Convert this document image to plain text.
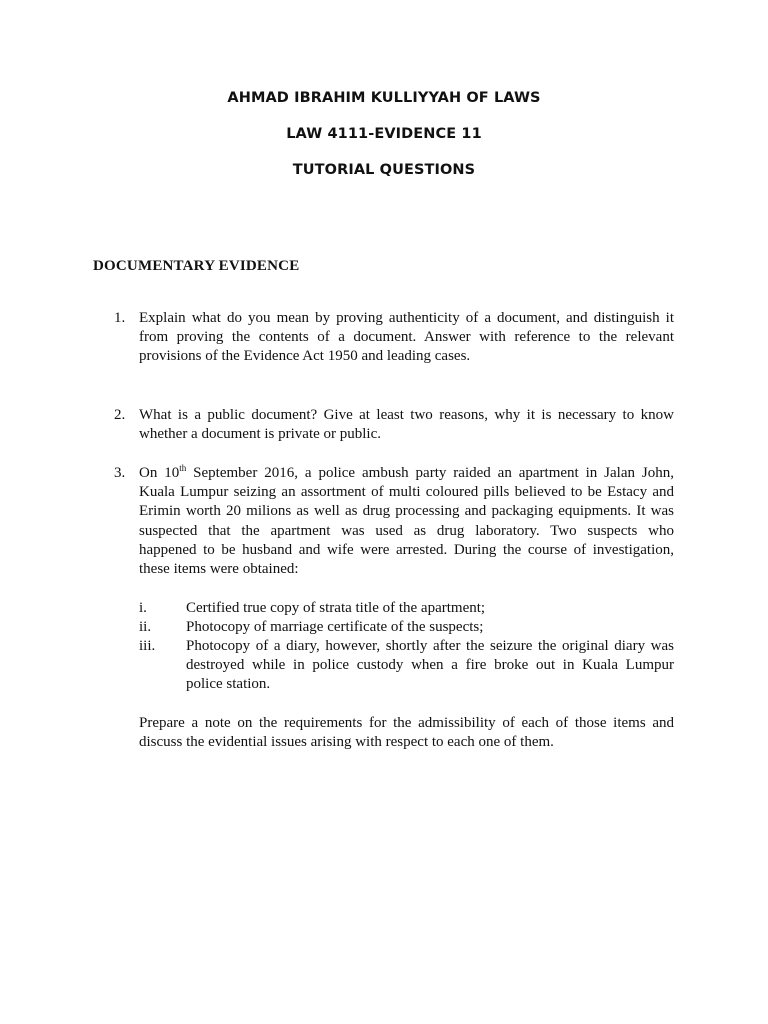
AHMAD IBRAHIM KULLIYYAH OF LAWS
LAW 4111-EVIDENCE 11
TUTORIAL QUESTIONS
DOCUMENTARY EVIDENCE
1. Explain what do you mean by proving authenticity of a document, and distinguish it
from proving the contents of a document. Answer with reference to the relevant
provisions of the Evidence Act 1950 and leading cases.
2. What is a public document? Give at least two reasons, why it is necessary to know
whether a document is private or public.
3. On 10th September 2016, a police ambush party raided an apartment in Jalan John,
Kuala Lumpur seizing an assortment of multi coloured pills believed to be Estacy and
Erimin worth 20 milions as well as drug processing and packaging equipments. It was
suspected that the apartment was used as drug laboratory. Two suspects who
happened to be husband and wife were arrested. During the course of investigation,
these items were obtained:
i.	Certified true copy of strata title of the apartment;
ii.	Photocopy of marriage certificate of the suspects;
iii.	Photocopy of a diary, however, shortly after the seizure the original diary was
destroyed while in police custody when a fire broke out in Kuala Lumpur
police station.
Prepare a note on the requirements for the admissibility of each of those items and
discuss the evidential issues arising with respect to each one of them.
